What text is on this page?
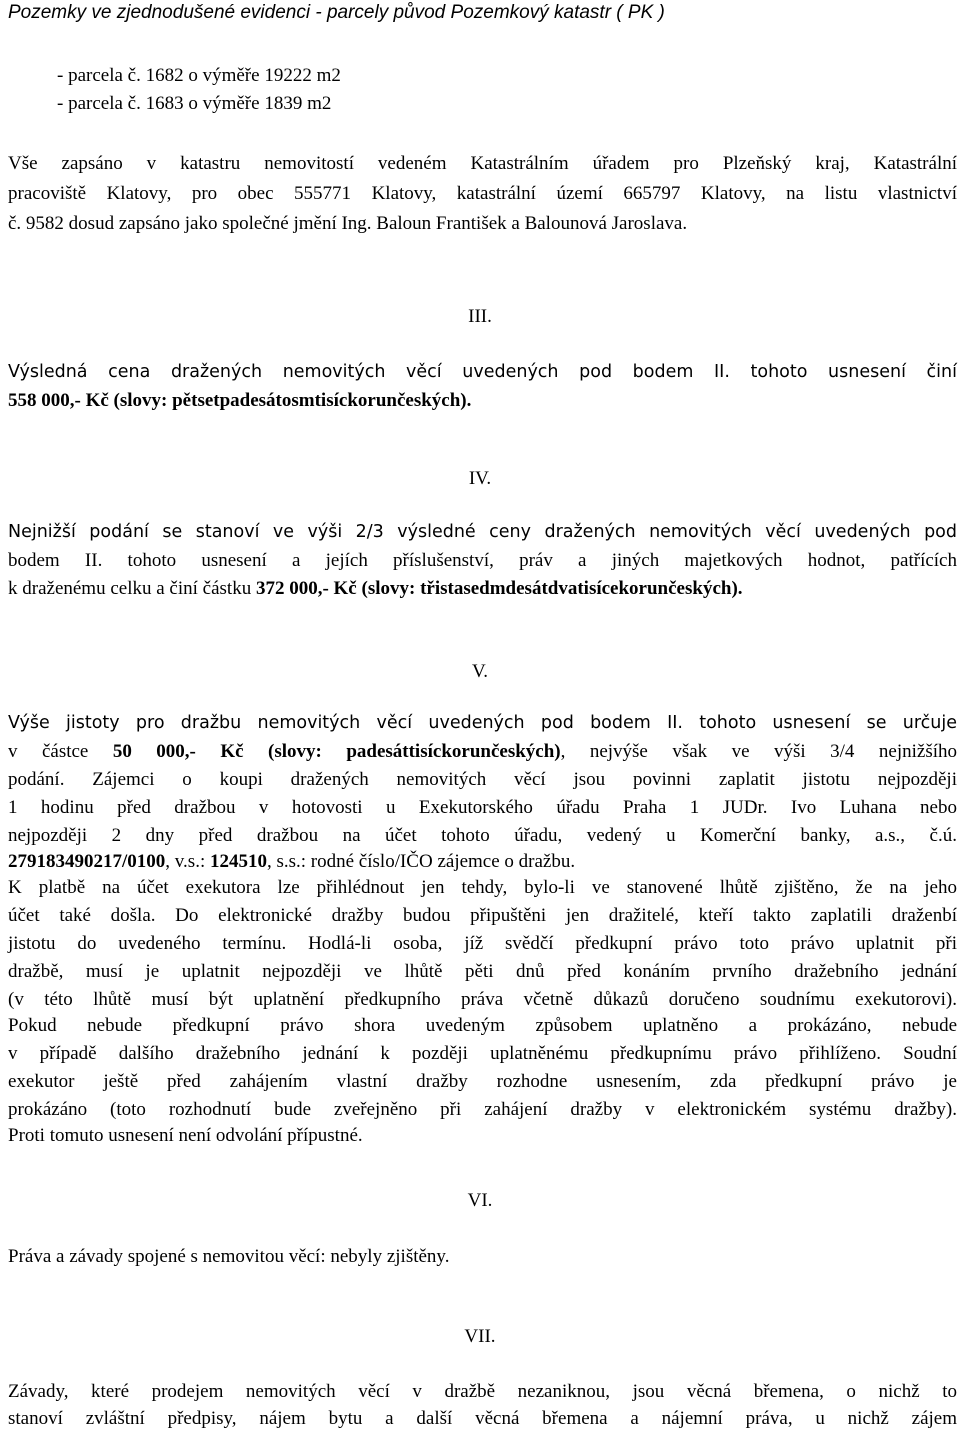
Pozemky ve zjednodušené evidenci - parcely původ Pozemkový katastr ( PK )
- parcela č. 1682 o výměře 19222 m2
- parcela č. 1683 o výměře 1839 m2
Vše zapsáno v katastru nemovitostí vedeném Katastrálním úřadem pro Plzeňský kraj, Katastrální
pracoviště Klatovy, pro obec 555771 Klatovy, katastrální území 665797 Klatovy, na listu vlastnictví
č. 9582 dosud zapsáno jako společné jmění Ing. Baloun František a Balounová Jaroslava.
III.
Výsledná cena dražených nemovitých věcí uvedených pod bodem II. tohoto usnesení činí
558 000,- Kč (slovy: pětsetpadesátosmtisíckorunčeských).
IV.
Nejnižší podání se stanoví ve výši 2/3 výsledné ceny dražených nemovitých věcí uvedených pod
bodem II. tohoto usnesení a jejích příslušenství, práv a jiných majetkových hodnot, patřících
k draženému celku a činí částku 372 000,- Kč (slovy: třistasedmdesátdvatisícekorunčeských).
V.
Výše jistoty pro dražbu nemovitých věcí uvedených pod bodem II. tohoto usnesení se určuje
v částce 50 000,- Kč (slovy: padesáttisíckorunčeských), nejvýše však ve výši 3/4 nejnižšího
podání. Zájemci o koupi dražených nemovitých věcí jsou povinni zaplatit jistotu nejpozději
1 hodinu před dražbou v hotovosti u Exekutorského úřadu Praha 1 JUDr. Ivo Luhana nebo
nejpozději 2 dny před dražbou na účet tohoto úřadu, vedený u Komerční banky, a.s., č.ú.
279183490217/0100, v.s.: 124510, s.s.: rodné číslo/IČO zájemce o dražbu.
K platbě na účet exekutora lze přihlédnout jen tehdy, bylo-li ve stanovené lhůtě zjištěno, že na jeho
účet také došla. Do elektronické dražby budou připuštěni jen dražitelé, kteří takto zaplatili draženbí
jistotu do uvedeného termínu. Hodlá-li osoba, jíž svědčí předkupní právo toto právo uplatnit při
dražbě, musí je uplatnit nejpozději ve lhůtě pěti dnů před konáním prvního dražebního jednání
(v této lhůtě musí být uplatnění předkupního práva včetně důkazů doručeno soudnímu exekutorovi).
Pokud nebude předkupní právo shora uvedeným způsobem uplatněno a prokázáno, nebude
v případě dalšího dražebního jednání k později uplatněnému předkupnímu právo přihlíženo. Soudní
exekutor ještě před zahájením vlastní dražby rozhodne usnesením, zda předkupní právo je
prokázáno (toto rozhodnutí bude zveřejněno při zahájení dražby v elektronickém systému dražby).
Proti tomuto usnesení není odvolání přípustné.
VI.
Práva a závady spojené s nemovitou věcí: nebyly zjištěny.
VII.
Závady, které prodejem nemovitých věcí v dražbě nezaniknou, jsou věcná břemena, o nichž to
stanoví zvláštní předpisy, nájem bytu a další věcná břemena a nájemní práva, u nichž zájem
